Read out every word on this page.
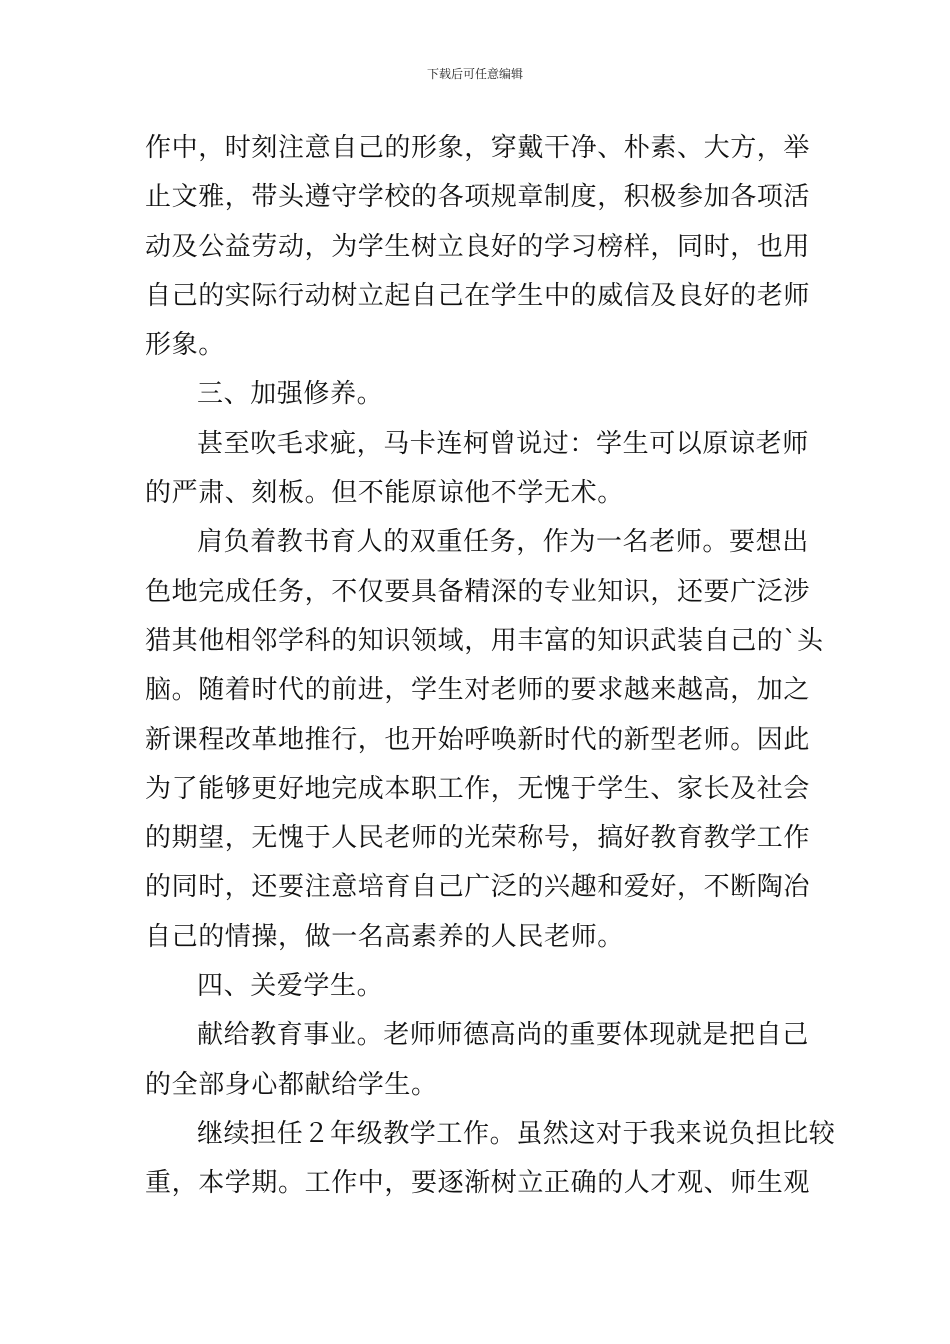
下载后可任意编辑
作中，时刻注意自己的形象，穿戴干净、朴素、大方，举
止文雅，带头遵守学校的各项规章制度，积极参加各项活
动及公益劳动，为学生树立良好的学习榜样，同时，也用
自己的实际行动树立起自己在学生中的威信及良好的老师
形象。
三、加强修养。
甚至吹毛求疵，马卡连柯曾说过：学生可以原谅老师
的严肃、刻板。但不能原谅他不学无术。
肩负着教书育人的双重任务，作为一名老师。要想出
色地完成任务，不仅要具备精深的专业知识，还要广泛涉
猎其他相邻学科的知识领域，用丰富的知识武装自己的`头
脑。随着时代的前进，学生对老师的要求越来越高，加之
新课程改革地推行，也开始呼唤新时代的新型老师。因此
为了能够更好地完成本职工作，无愧于学生、家长及社会
的期望，无愧于人民老师的光荣称号，搞好教育教学工作
的同时，还要注意培育自己广泛的兴趣和爱好，不断陶冶
自己的情操，做一名高素养的人民老师。
四、关爱学生。
献给教育事业。老师师德高尚的重要体现就是把自己
的全部身心都献给学生。
继续担任２年级教学工作。虽然这对于我来说负担比较
重，本学期。工作中，要逐渐树立正确的人才观、师生观
